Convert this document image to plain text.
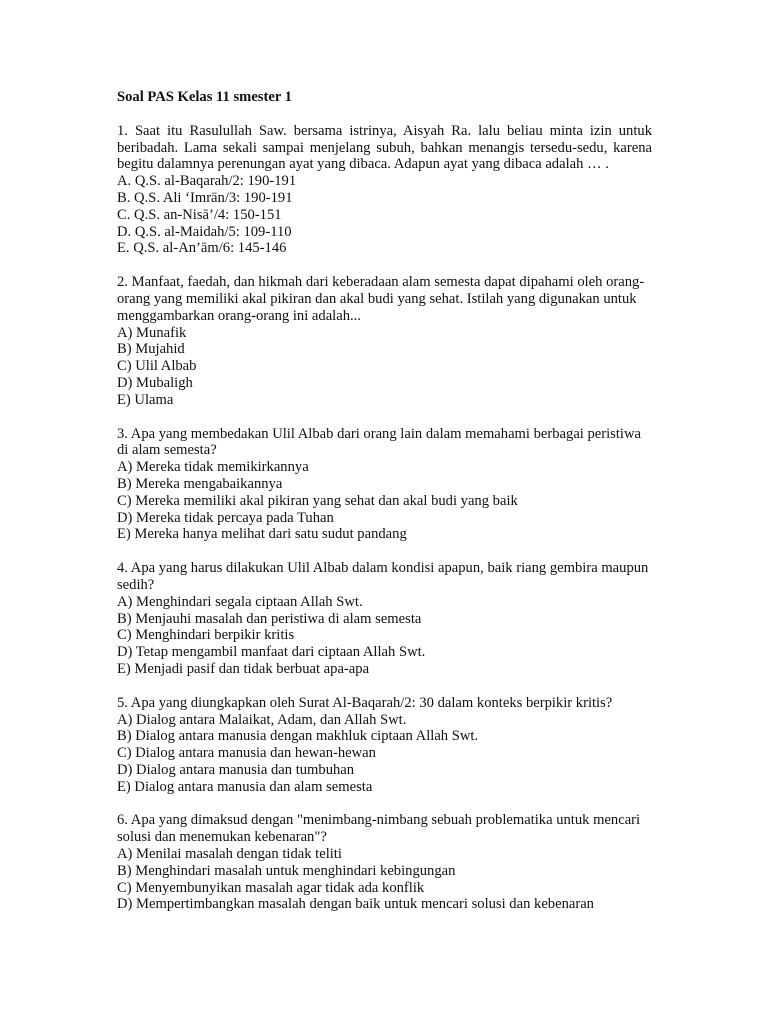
Soal PAS Kelas 11 smester 1

1. Saat itu Rasulullah Saw. bersama istrinya, Aisyah Ra. lalu beliau minta izin untuk beribadah. Lama sekali sampai menjelang subuh, bahkan menangis tersedu-sedu, karena begitu dalamnya perenungan ayat yang dibaca. Adapun ayat yang dibaca adalah … .

A. Q.S. al-Baqarah/2: 190-191
B. Q.S. Ali ‘Imrān/3: 190-191
C. Q.S. an-Nisā’/4: 150-151
D. Q.S. al-Maidah/5: 109-110
E. Q.S. al-An’ām/6: 145-146

2. Manfaat, faedah, dan hikmah dari keberadaan alam semesta dapat dipahami oleh orang-orang yang memiliki akal pikiran dan akal budi yang sehat. Istilah yang digunakan untuk menggambarkan orang-orang ini adalah...

A) Munafik
B) Mujahid
C) Ulil Albab
D) Mubaligh
E) Ulama

3. Apa yang membedakan Ulil Albab dari orang lain dalam memahami berbagai peristiwa di alam semesta?

A) Mereka tidak memikirkannya
B) Mereka mengabaikannya
C) Mereka memiliki akal pikiran yang sehat dan akal budi yang baik
D) Mereka tidak percaya pada Tuhan
E) Mereka hanya melihat dari satu sudut pandang

4. Apa yang harus dilakukan Ulil Albab dalam kondisi apapun, baik riang gembira maupun sedih?

A) Menghindari segala ciptaan Allah Swt.
B) Menjauhi masalah dan peristiwa di alam semesta
C) Menghindari berpikir kritis
D) Tetap mengambil manfaat dari ciptaan Allah Swt.
E) Menjadi pasif dan tidak berbuat apa-apa

5. Apa yang diungkapkan oleh Surat Al-Baqarah/2: 30 dalam konteks berpikir kritis?

A) Dialog antara Malaikat, Adam, dan Allah Swt.
B) Dialog antara manusia dengan makhluk ciptaan Allah Swt.
C) Dialog antara manusia dan hewan-hewan
D) Dialog antara manusia dan tumbuhan
E) Dialog antara manusia dan alam semesta

6. Apa yang dimaksud dengan "menimbang-nimbang sebuah problematika untuk mencari solusi dan menemukan kebenaran"?

A) Menilai masalah dengan tidak teliti
B) Menghindari masalah untuk menghindari kebingungan
C) Menyembunyikan masalah agar tidak ada konflik
D) Mempertimbangkan masalah dengan baik untuk mencari solusi dan kebenaran
